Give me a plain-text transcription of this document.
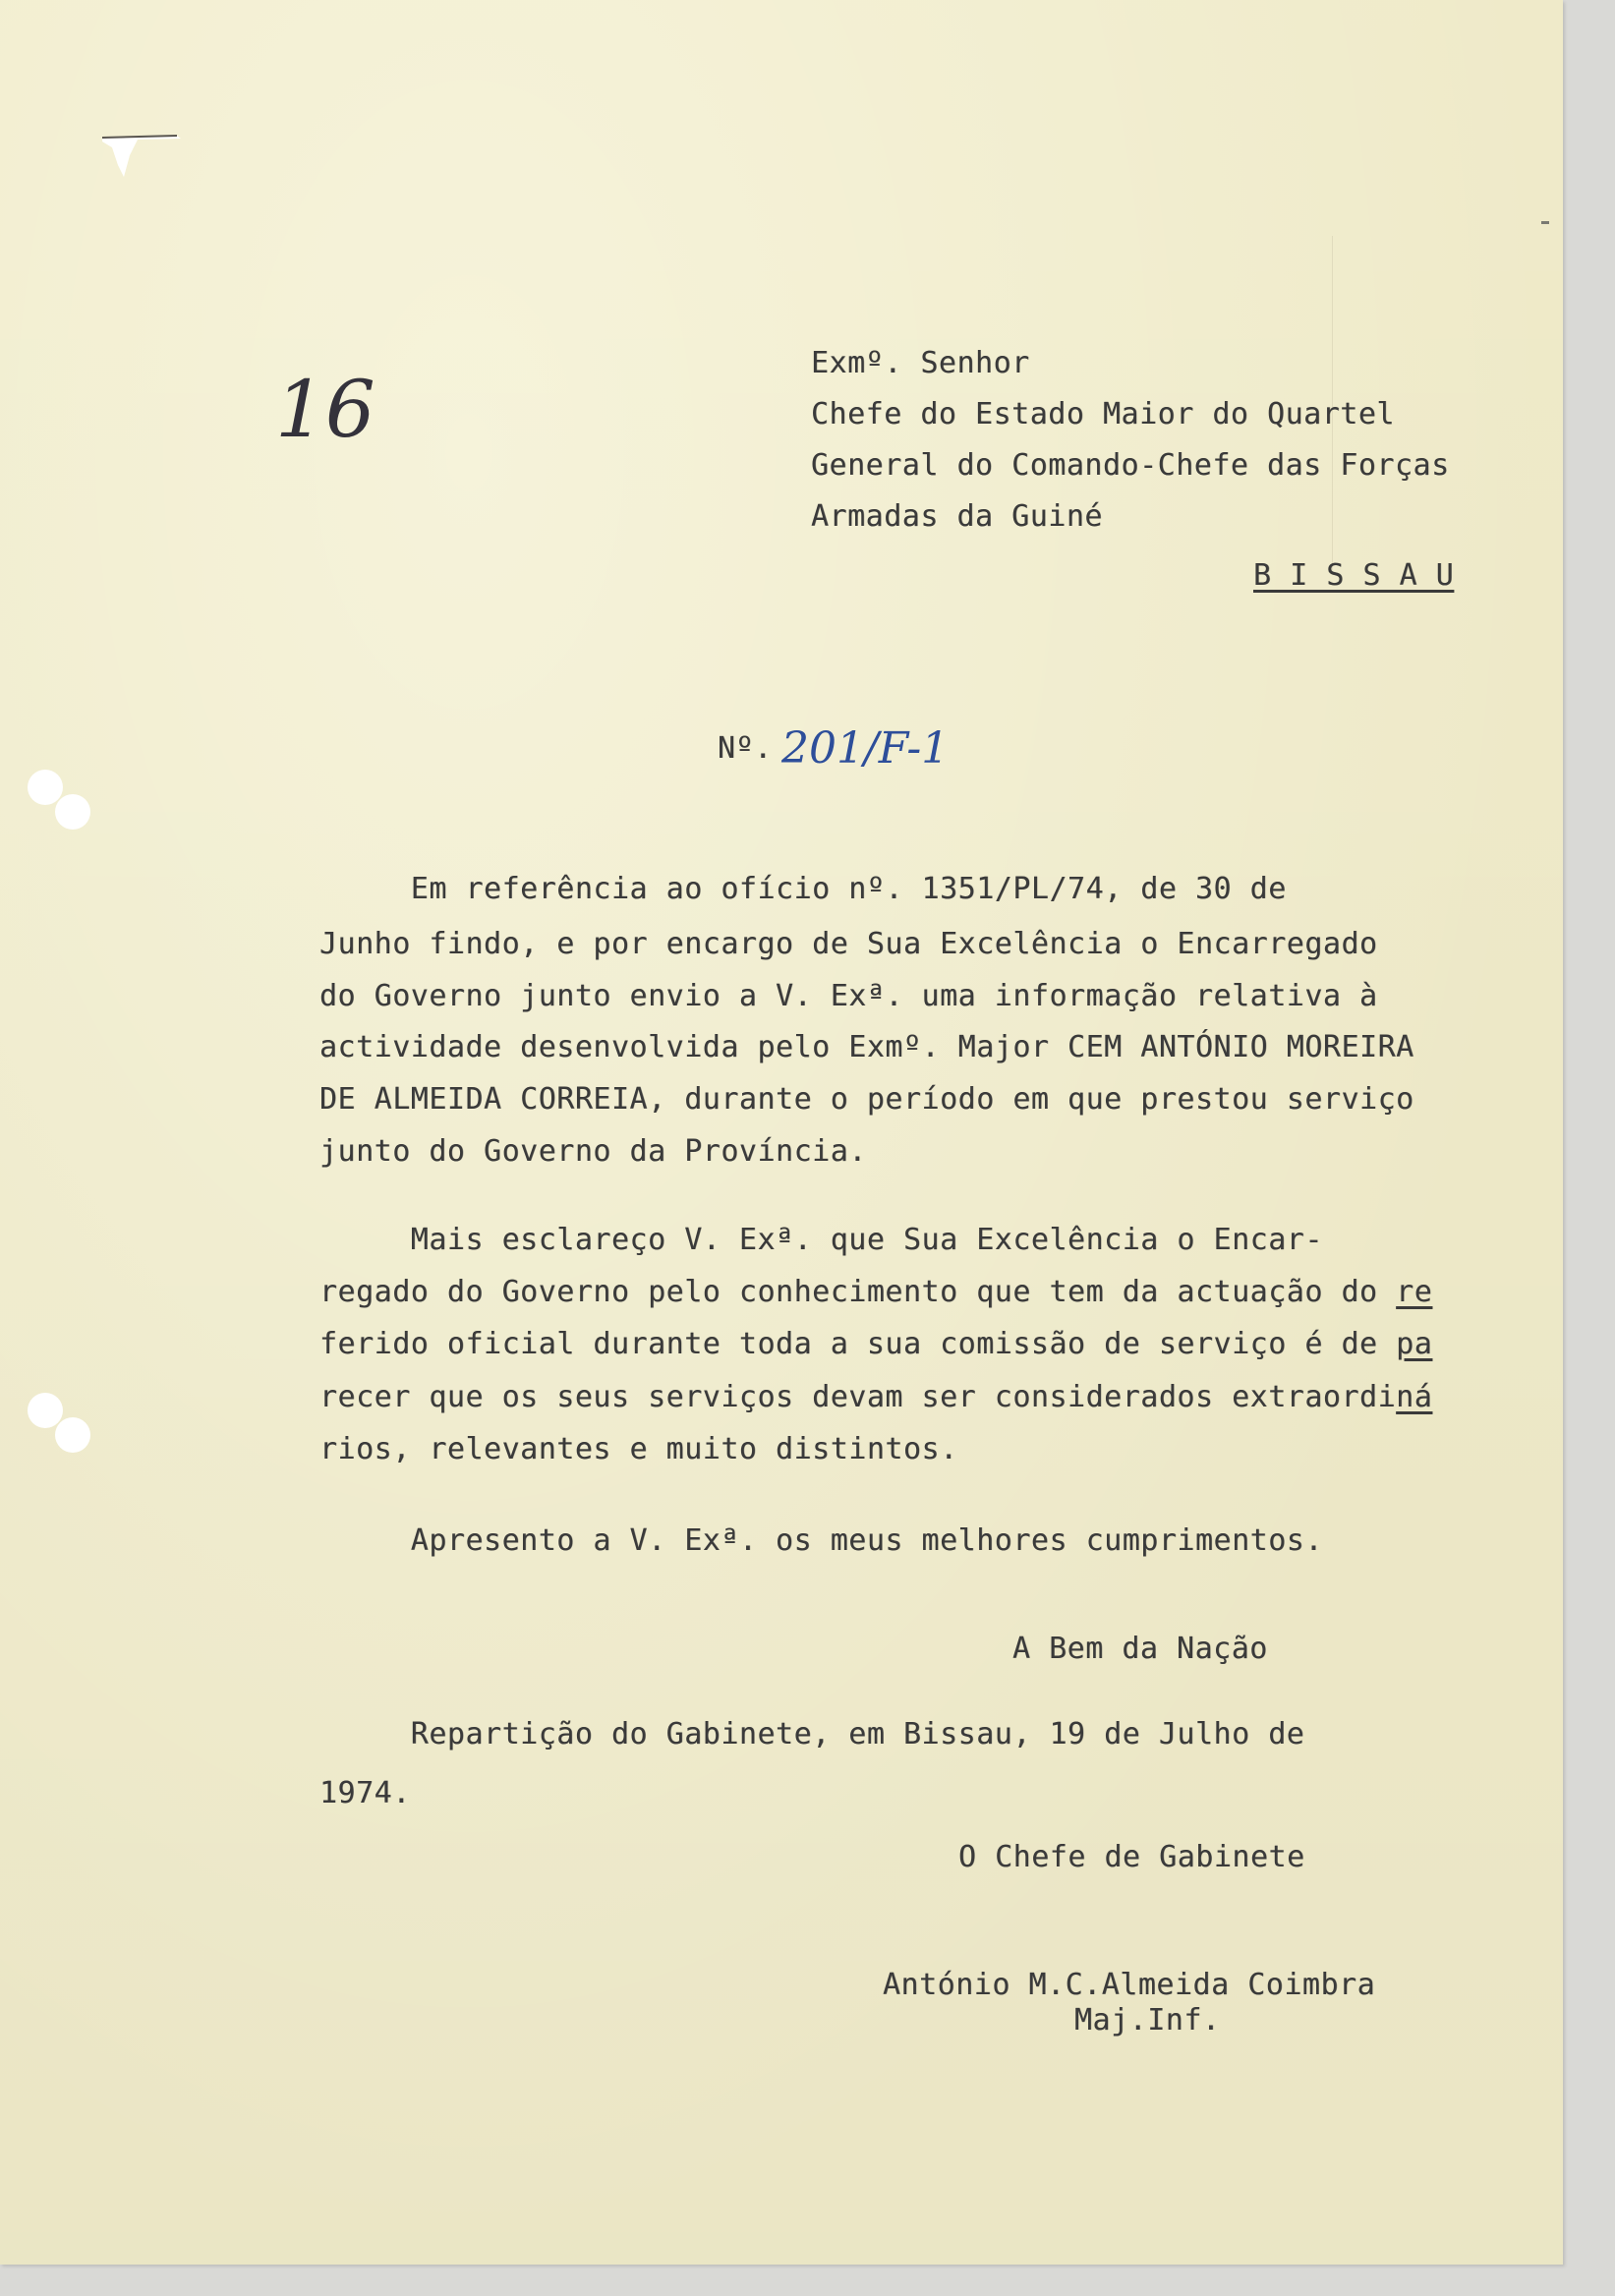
16
Exmº. Senhor
Chefe do Estado Maior do Quartel
General do Comando-Chefe das Forças
Armadas da Guiné
B I S S A U
Nº. 201/F-1
Em referência ao ofício nº. 1351/PL/74, de 30 de
Junho findo, e por encargo de Sua Excelência o Encarregado
do Governo junto envio a V. Exª. uma informação relativa à
actividade desenvolvida pelo Exmº. Major CEM ANTÓNIO MOREIRA
DE ALMEIDA CORREIA, durante o período em que prestou serviço
junto do Governo da Província.
Mais esclareço V. Exª. que Sua Excelência o Encar-
regado do Governo pelo conhecimento que tem da actuação do re
ferido oficial durante toda a sua comissão de serviço é de pa
recer que os seus serviços devam ser considerados extraordiná
rios, relevantes e muito distintos.
Apresento a V. Exª. os meus melhores cumprimentos.
A Bem da Nação
Repartição do Gabinete, em Bissau, 19 de Julho de
1974.
O Chefe de Gabinete
António M.C.Almeida Coimbra
Maj.Inf.
